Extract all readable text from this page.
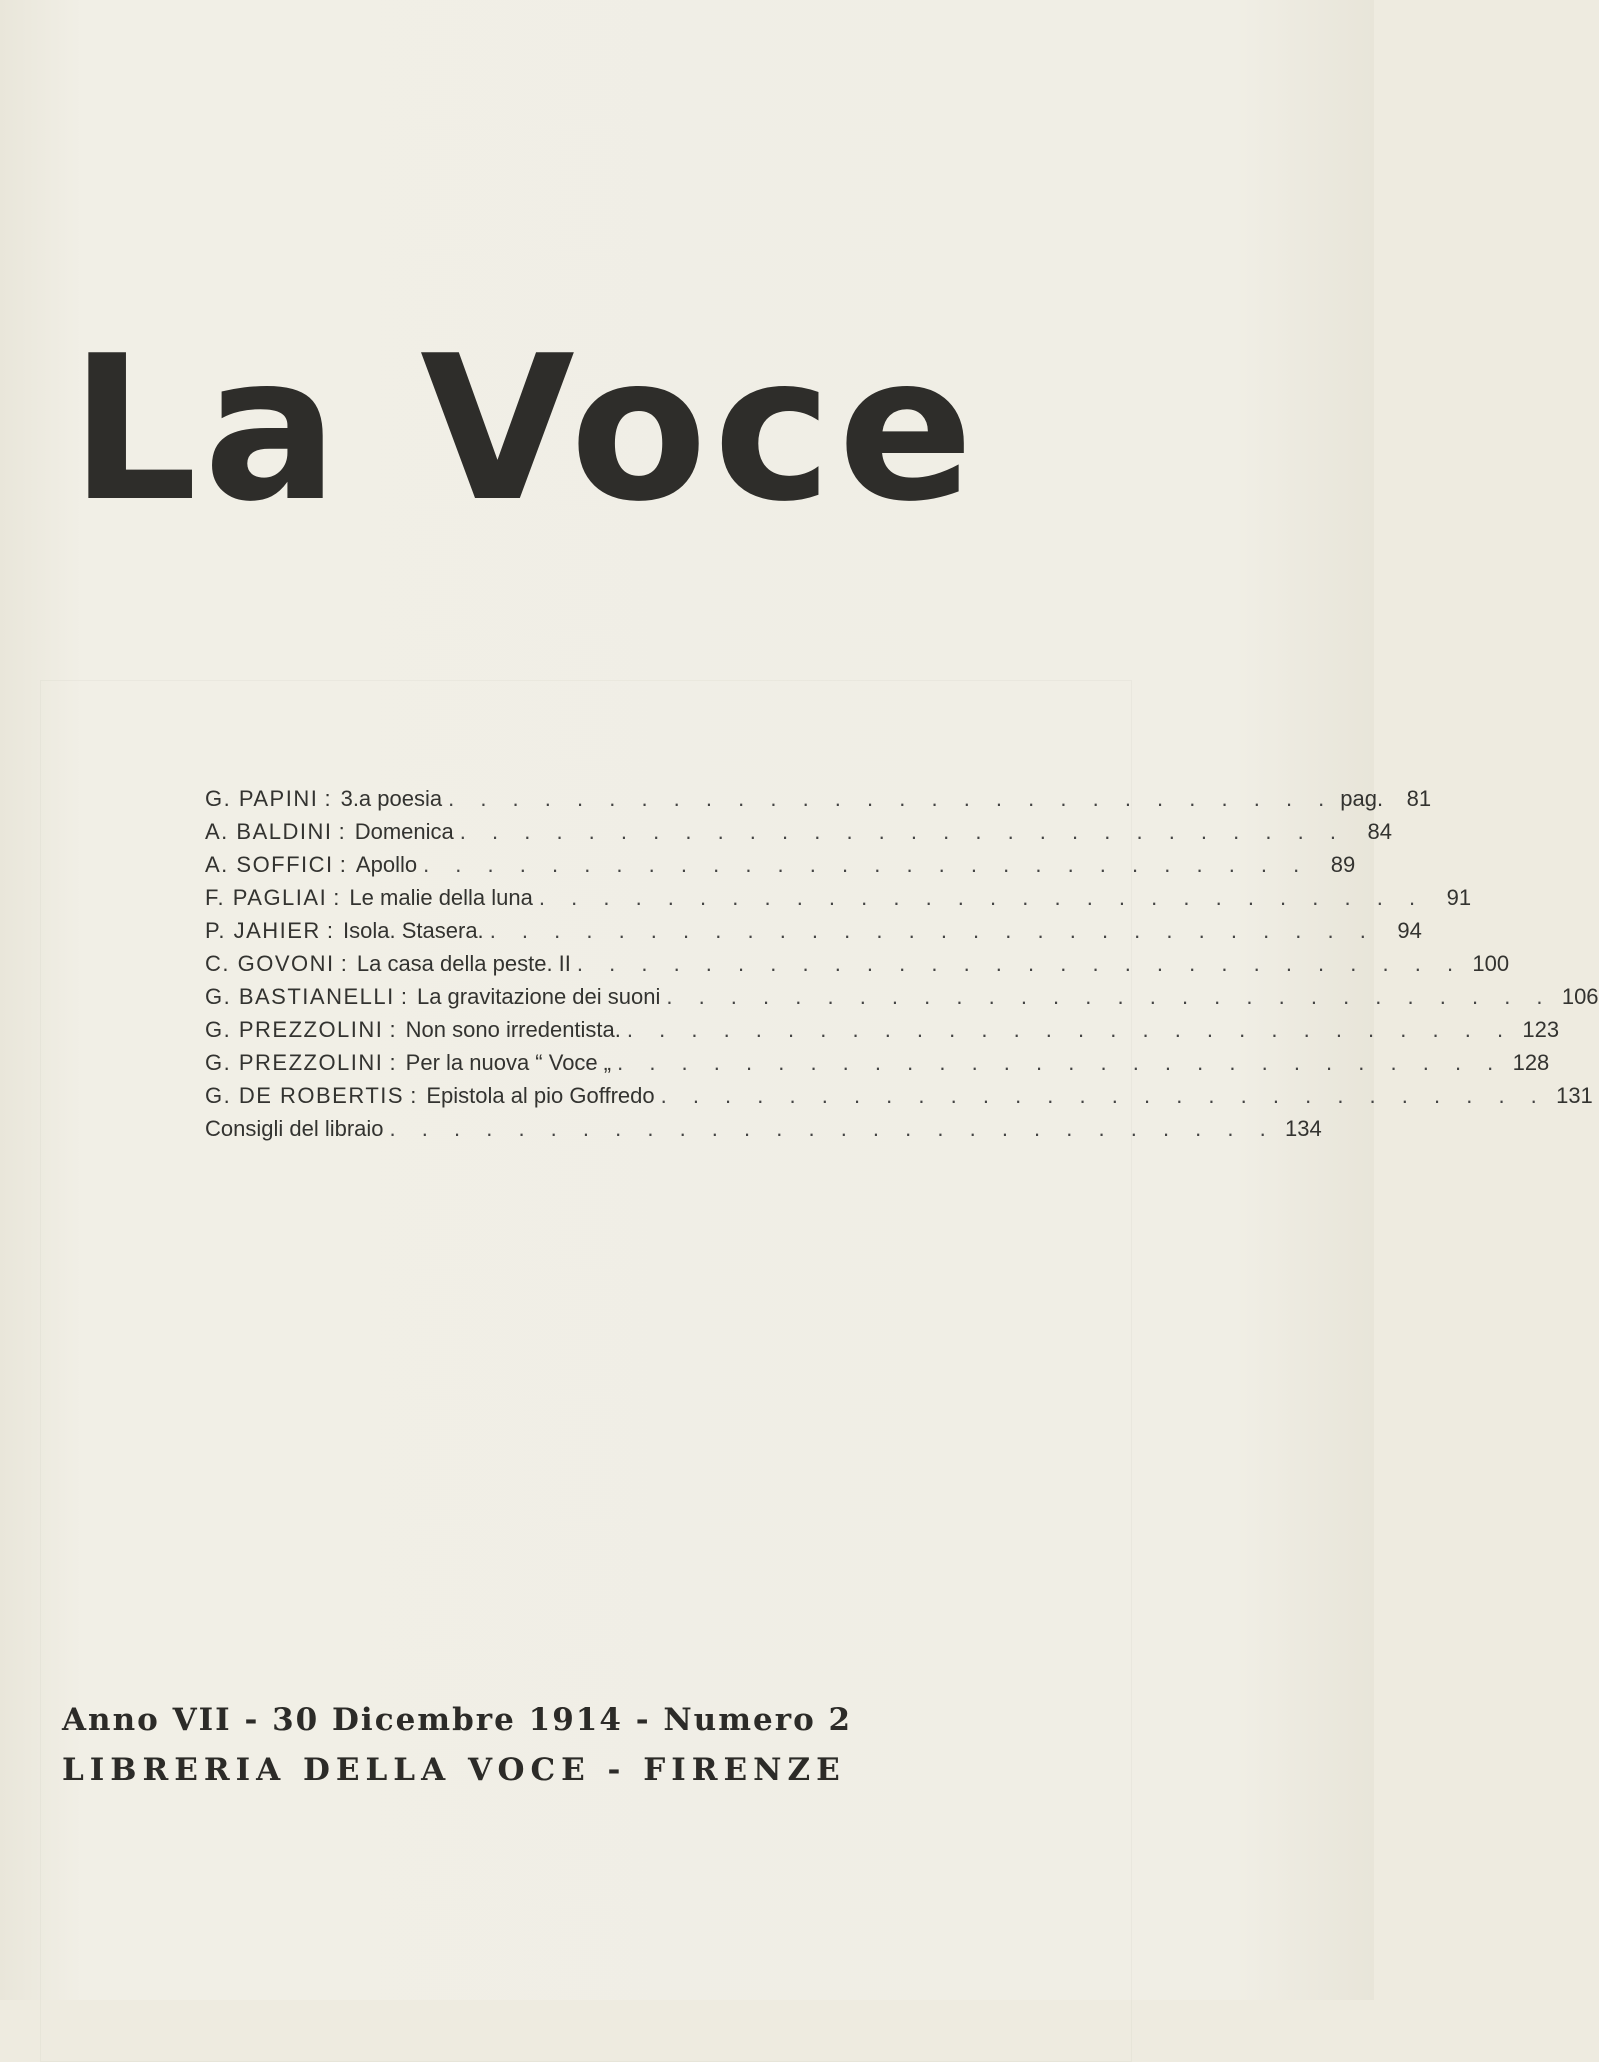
La Voce
G. PAPINI : 3.a poesia . . . . . . . . . . . . . . . . . . . . . . . . . . . . pag.	81
A. BALDINI : Domenica . . . . . . . . . . . . . . . . . . . . . . . . . . . . 84
A. SOFFICI : Apollo . . . . . . . . . . . . . . . . . . . . . . . . . . . . 89
F. PAGLIAI : Le malie della luna . . . . . . . . . . . . . . . . . . . . . . . . . . . . 91
P. JAHIER : Isola. Stasera. . . . . . . . . . . . . . . . . . . . . . . . . . . . . 94
C. GOVONI : La casa della peste. II . . . . . . . . . . . . . . . . . . . . . . . . . . . . 100
G. BASTIANELLI : La gravitazione dei suoni . . . . . . . . . . . . . . . . . . . . . . . . . . . . 106
G. PREZZOLINI : Non sono irredentista. . . . . . . . . . . . . . . . . . . . . . . . . . . . . 123
G. PREZZOLINI : Per la nuova “ Voce „ . . . . . . . . . . . . . . . . . . . . . . . . . . . . 128
G. DE ROBERTIS : Epistola al pio Goffredo . . . . . . . . . . . . . . . . . . . . . . . . . . . . 131
Consigli del libraio . . . . . . . . . . . . . . . . . . . . . . . . . . . . 134

Anno VII - 30 Dicembre 1914 - Numero 2

LIBRERIA DELLA VOCE - FIRENZE
